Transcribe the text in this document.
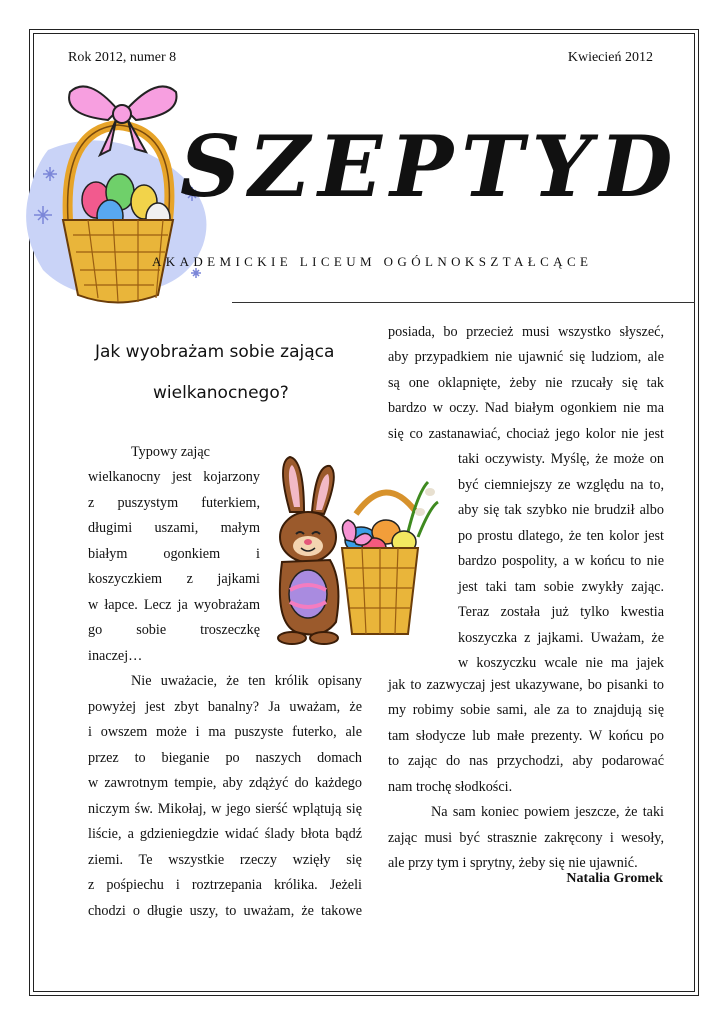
Rok 2012, numer 8	Kwiecień 2012
SZEPTYD
AKADEMICKIE LICEUM OGÓLNOKSZTAŁCĄCE
Jak wyobrażam sobie zająca
wielkanocnego?
Typowy zając
wielkanocny jest kojarzony
z puszystym futerkiem,
długimi uszami, małym
białym ogonkiem i
koszyczkiem z jajkami
w łapce. Lecz ja wyobrażam
go sobie troszeczkę
inaczej…
Nie uważacie, że ten królik opisany
powyżej jest zbyt banalny? Ja uważam, że
i owszem może i ma puszyste futerko, ale
przez to bieganie po naszych domach
w zawrotnym tempie, aby zdążyć do każdego
niczym św. Mikołaj, w jego sierść wplątują się
liście, a gdzieniegdzie widać ślady błota bądź
ziemi. Te wszystkie rzeczy wzięły się
z pośpiechu i roztrzepania królika. Jeżeli
chodzi o długie uszy, to uważam, że takowe
posiada, bo przecież musi wszystko słyszeć,
aby przypadkiem nie ujawnić się ludziom, ale
są one oklapnięte, żeby nie rzucały się tak
bardzo w oczy. Nad białym ogonkiem nie ma
się co zastanawiać, chociaż jego kolor nie jest
taki oczywisty. Myślę, że może on
być ciemniejszy ze względu na to,
aby się tak szybko nie brudził albo
po prostu dlatego, że ten kolor jest
bardzo pospolity, a w końcu to nie
jest taki tam sobie zwykły zając.
Teraz została już tylko kwestia
koszyczka z jajkami. Uważam, że
w koszyczku wcale nie ma jajek
jak to zazwyczaj jest ukazywane, bo pisanki to
my robimy sobie sami, ale za to znajdują się
tam słodycze lub małe prezenty. W końcu po
to zając do nas przychodzi, aby podarować
nam trochę słodkości.
Na sam koniec powiem jeszcze, że taki
zając musi być strasznie zakręcony i wesoły,
ale przy tym i sprytny, żeby się nie ujawnić.
Natalia Gromek
